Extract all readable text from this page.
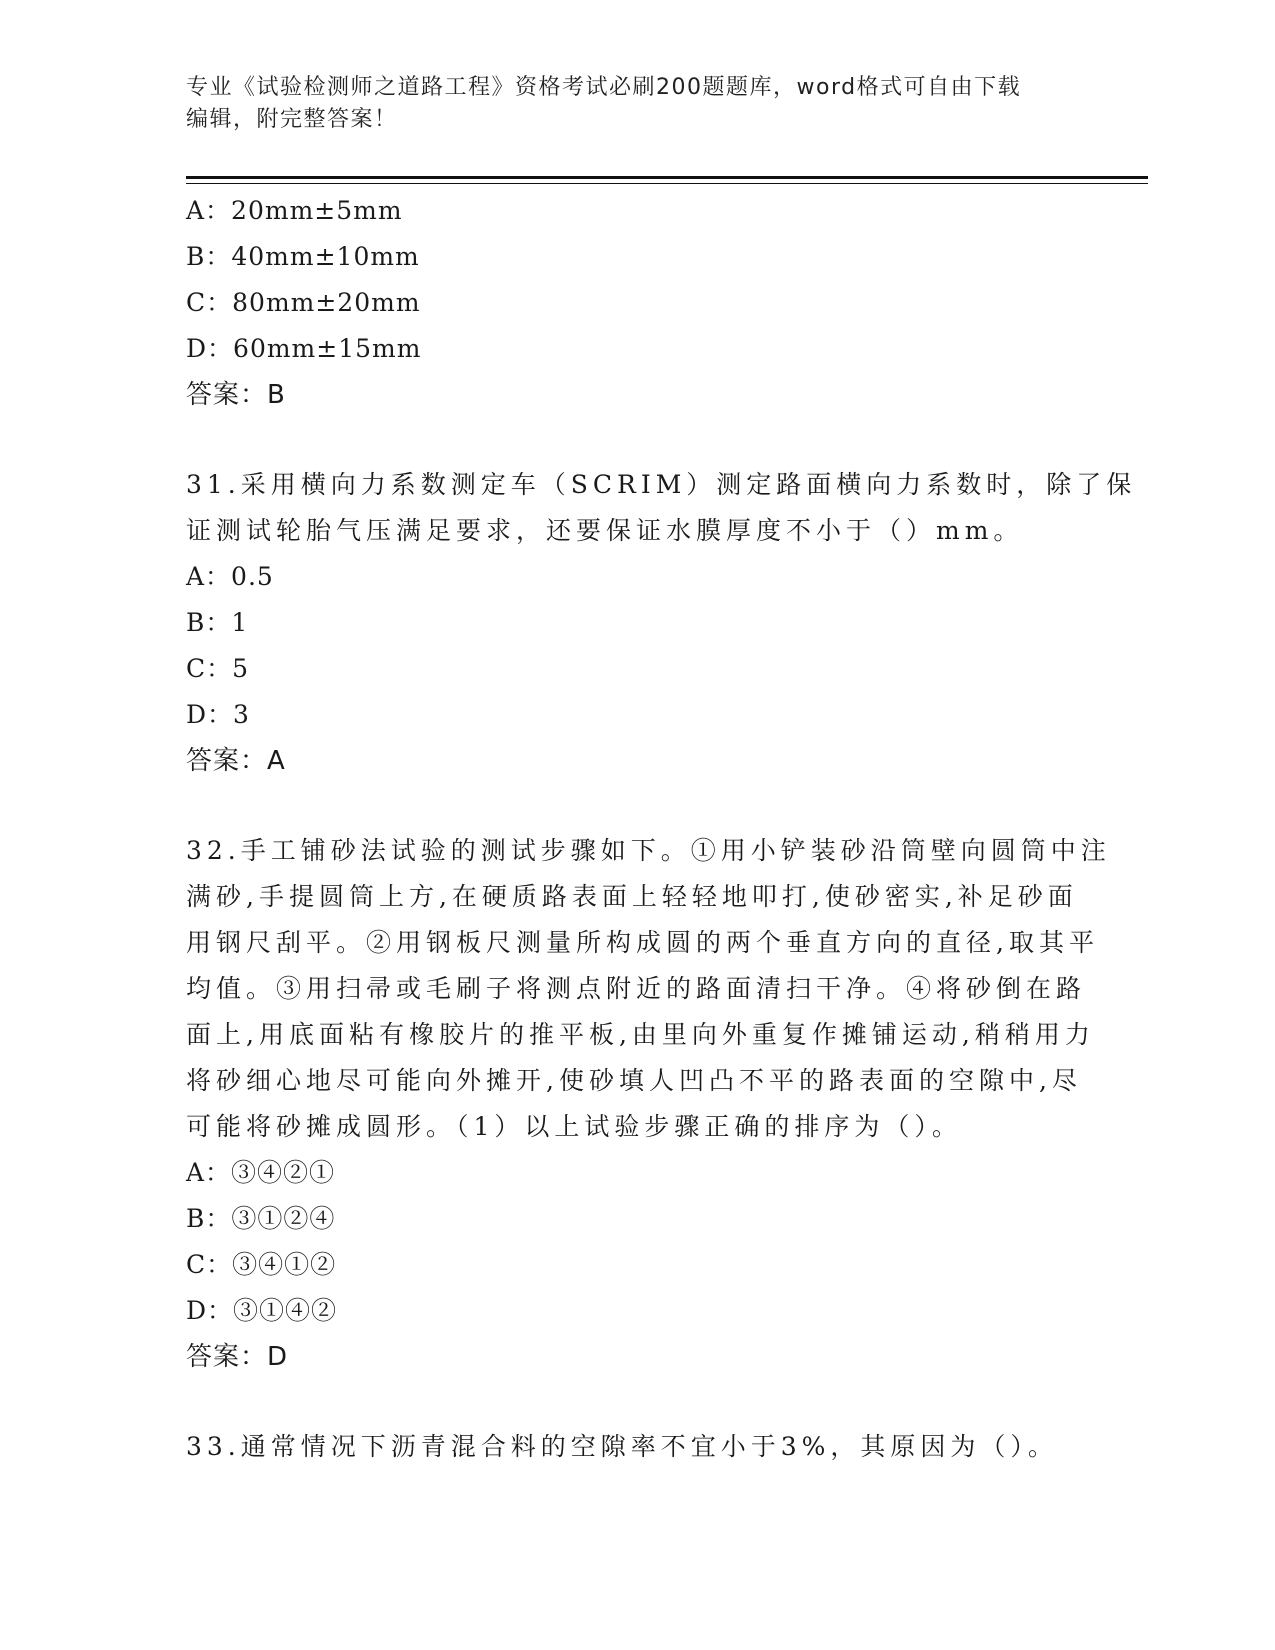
专业《试验检测师之道路工程》资格考试必刷200题题库，word格式可自由下载
编辑，附完整答案！
A：20mm±5mm
B：40mm±10mm
C：80mm±20mm
D：60mm±15mm
答案：B
31.采用横向力系数测定车（SCRIM）测定路面横向力系数时，除了保
证测试轮胎气压满足要求，还要保证水膜厚度不小于（）mm。
A：0.5
B：1
C：5
D：3
答案：A
32.手工铺砂法试验的测试步骤如下。①用小铲装砂沿筒壁向圆筒中注
满砂,手提圆筒上方,在硬质路表面上轻轻地叩打,使砂密实,补足砂面
用钢尺刮平。②用钢板尺测量所构成圆的两个垂直方向的直径,取其平
均值。③用扫帚或毛刷子将测点附近的路面清扫干净。④将砂倒在路
面上,用底面粘有橡胶片的推平板,由里向外重复作摊铺运动,稍稍用力
将砂细心地尽可能向外摊开,使砂填人凹凸不平的路表面的空隙中,尽
可能将砂摊成圆形。（1）以上试验步骤正确的排序为（）。
A：③④②①
B：③①②④
C：③④①②
D：③①④②
答案：D
33.通常情况下沥青混合料的空隙率不宜小于3%，其原因为（）。
